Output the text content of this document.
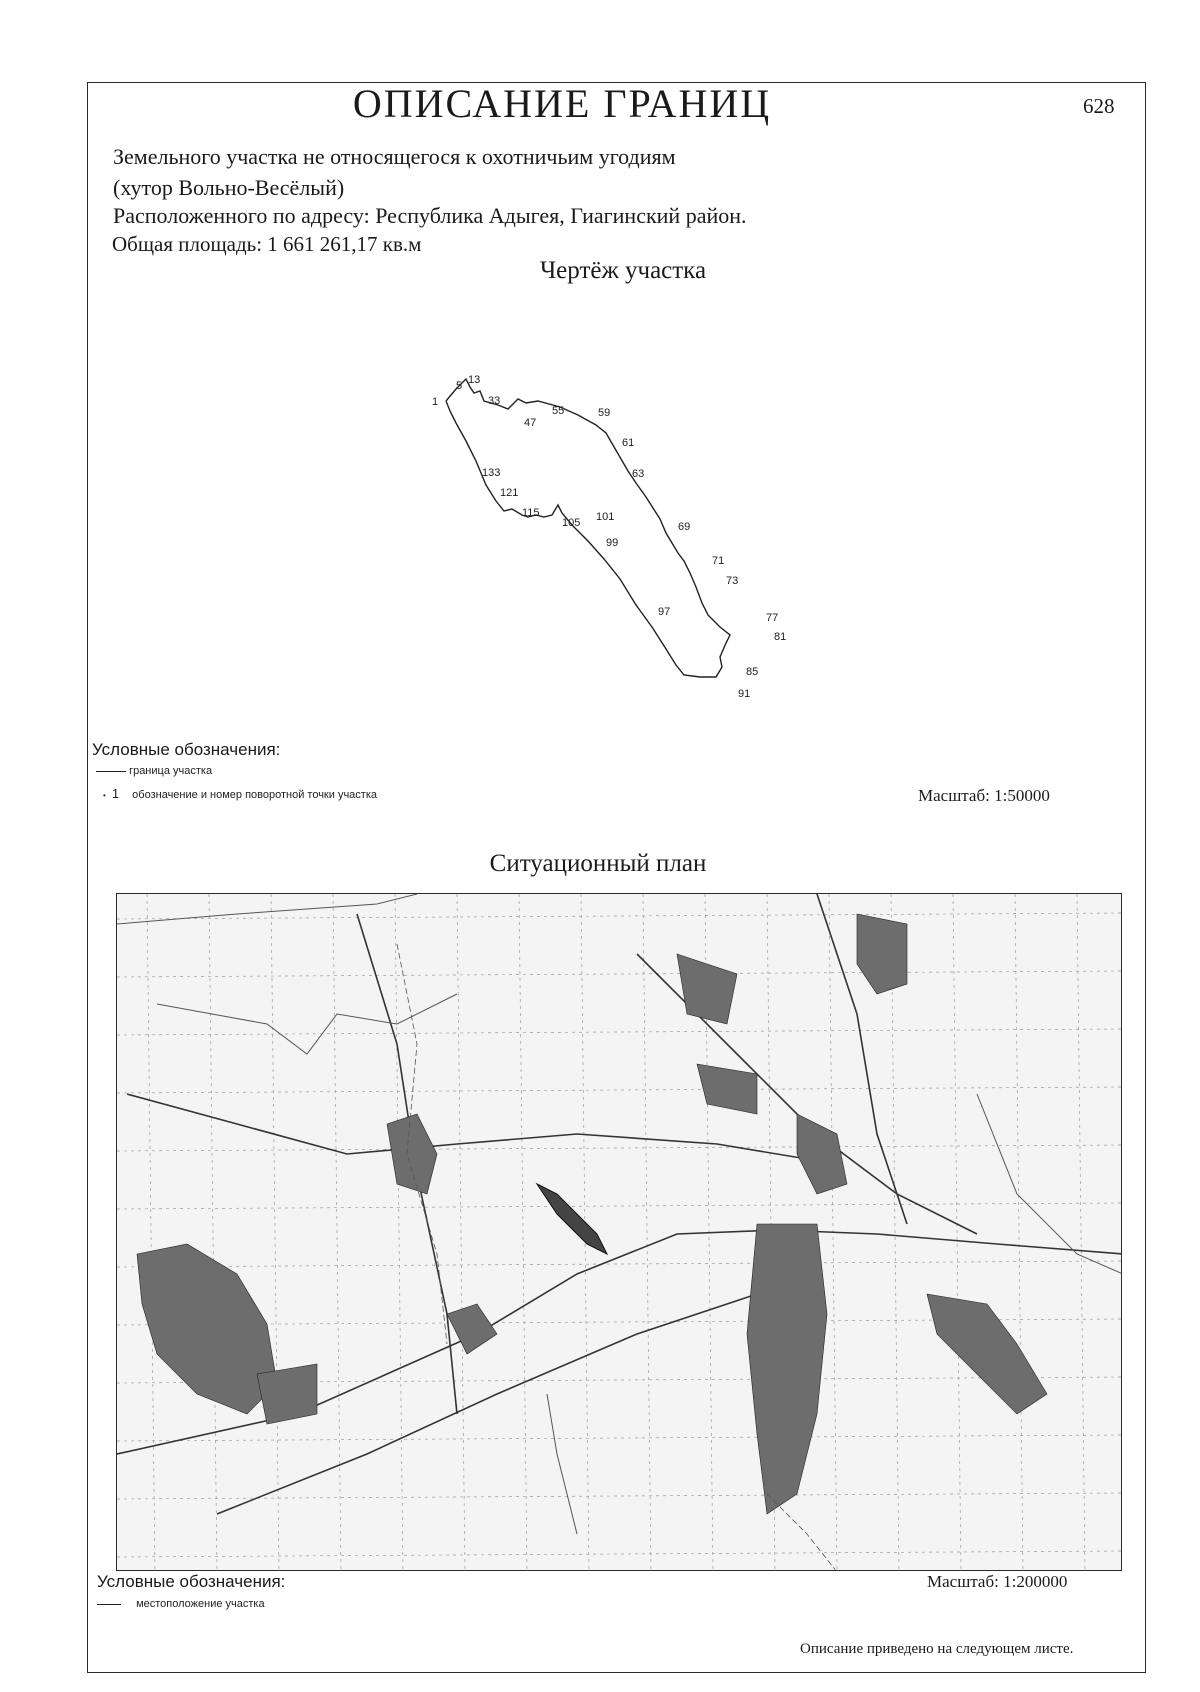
ОПИСАНИЕ ГРАНИЦ	628
Земельного участка не относящегося к охотничьим угодиям
(хутор Вольно-Весёлый)
Расположенного по адресу: Республика Адыгея, Гиагинский район.
Общая площадь: 1 661 261,17 кв.м
Чертёж участка
1
5 13
33
47
55	59
61
63
133
121
115
105 101
99
69
71
73
97	77
81
85
91
Условные обозначения:
граница участка
• 1 обозначение и номер поворотной точки участка	Масштаб: 1:50000
Ситуационный план
Условные обозначения:	Масштаб: 1:200000
местоположение участка
Описание приведено на следующем листе.
